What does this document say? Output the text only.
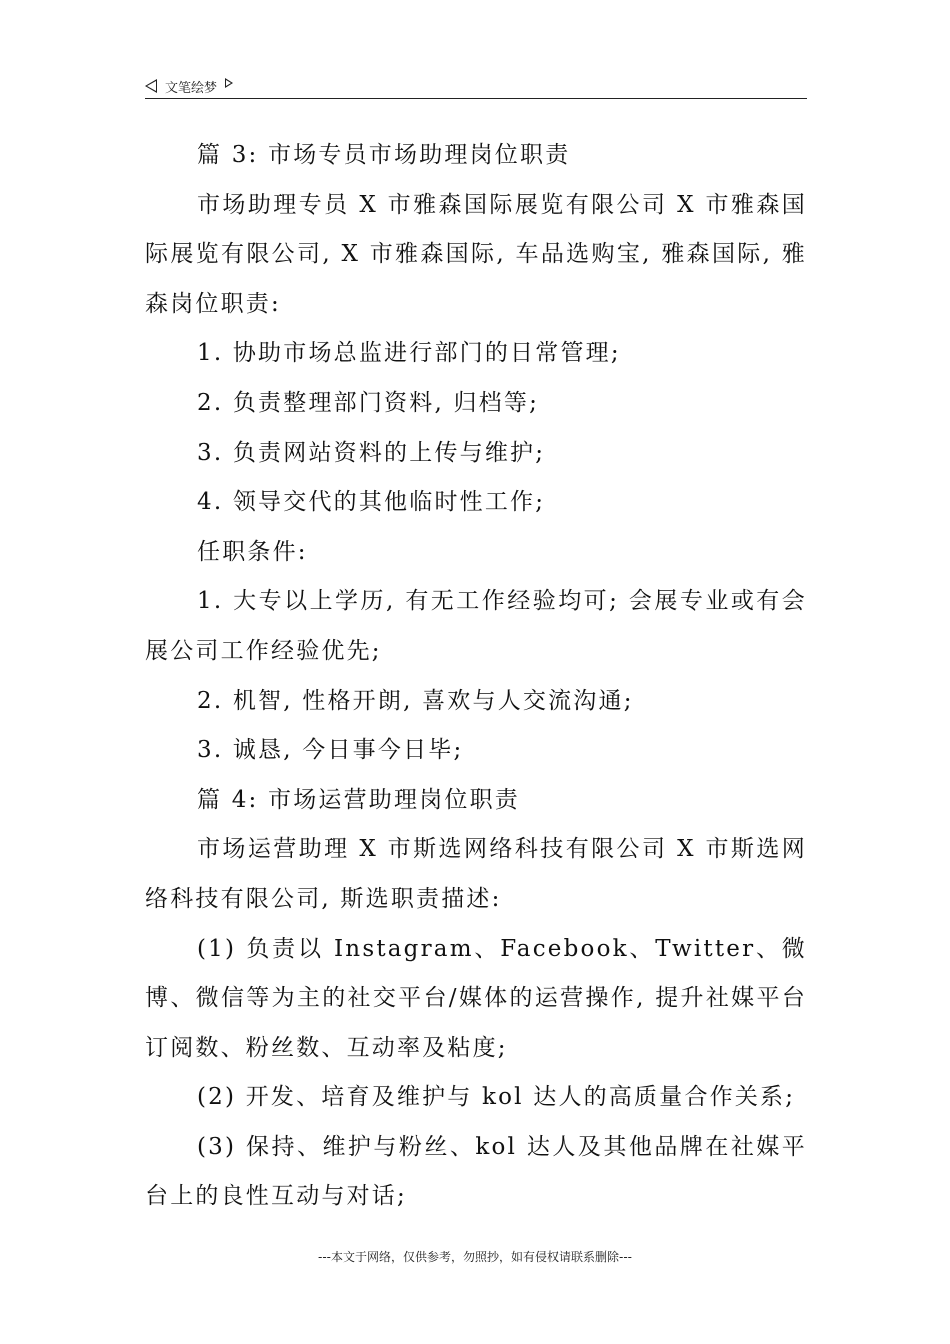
文笔绘梦

篇 3: 市场专员市场助理岗位职责

市场助理专员 X 市雅森国际展览有限公司 X 市雅森国际展览有限公司, X 市雅森国际, 车品选购宝, 雅森国际, 雅森岗位职责:

1. 协助市场总监进行部门的日常管理;

2. 负责整理部门资料, 归档等;

3. 负责网站资料的上传与维护;

4. 领导交代的其他临时性工作;

任职条件:

1. 大专以上学历, 有无工作经验均可; 会展专业或有会展公司工作经验优先;

2. 机智, 性格开朗, 喜欢与人交流沟通;

3. 诚恳, 今日事今日毕;

篇 4: 市场运营助理岗位职责

市场运营助理 X 市斯选网络科技有限公司 X 市斯选网络科技有限公司, 斯选职责描述:

(1) 负责以 Instagram、Facebook、Twitter、微博、微信等为主的社交平台/媒体的运营操作, 提升社媒平台订阅数、粉丝数、互动率及粘度;

(2) 开发、培育及维护与 kol 达人的高质量合作关系;

(3) 保持、维护与粉丝、kol 达人及其他品牌在社媒平台上的良性互动与对话;

---本文于网络，仅供参考，勿照抄，如有侵权请联系删除---
